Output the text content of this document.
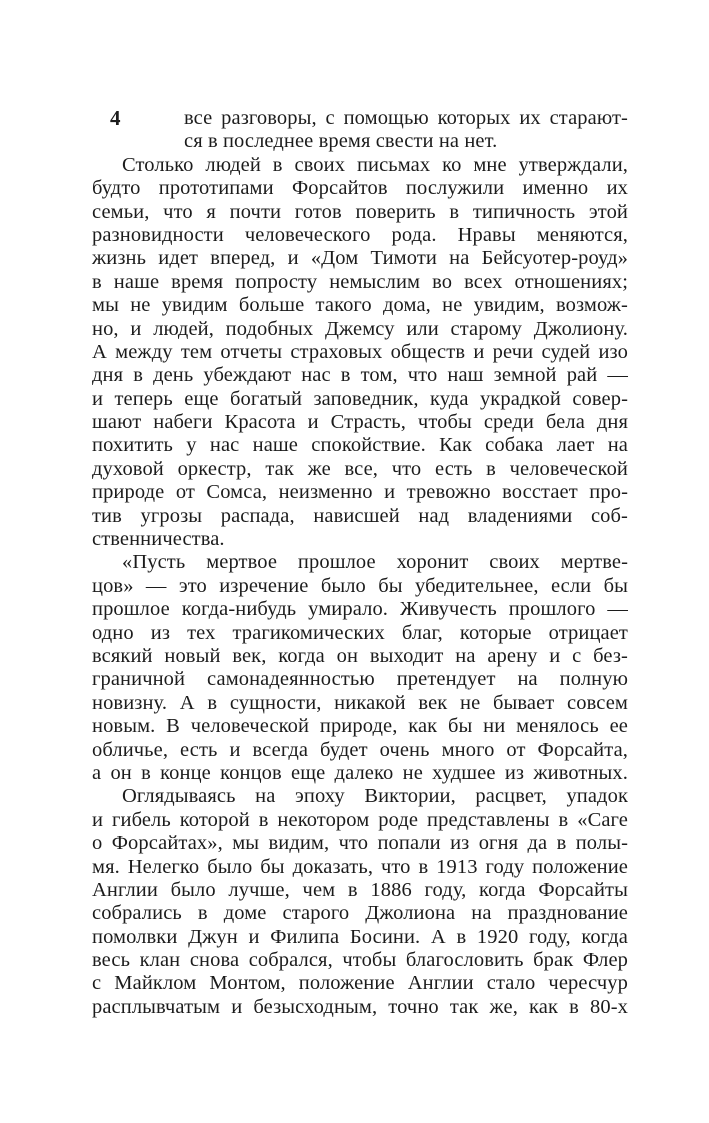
4	все разговоры, с помощью которых их старают-
ся в последнее время свести на нет.
Столько людей в своих письмах ко мне утверждали,
будто прототипами Форсайтов послужили именно их
семьи, что я почти готов поверить в типичность этой
разновидности человеческого рода. Нравы меняются,
жизнь идет вперед, и «Дом Тимоти на Бейсуотер-роуд»
в наше время попросту немыслим во всех отношениях;
мы не увидим больше такого дома, не увидим, возмож-
но, и людей, подобных Джемсу или старому Джолиону.
А между тем отчеты страховых обществ и речи судей изо
дня в день убеждают нас в том, что наш земной рай —
и теперь еще богатый заповедник, куда украдкой совер-
шают набеги Красота и Страсть, чтобы среди бела дня
похитить у нас наше спокойствие. Как собака лает на
духовой оркестр, так же все, что есть в человеческой
природе от Сомса, неизменно и тревожно восстает про-
тив угрозы распада, нависшей над владениями соб-
ственничества.
«Пусть мертвое прошлое хоронит своих мертве-
цов» — это изречение было бы убедительнее, если бы
прошлое когда-нибудь умирало. Живучесть прошлого —
одно из тех трагикомических благ, которые отрицает
всякий новый век, когда он выходит на арену и с без-
граничной самонадеянностью претендует на полную
новизну. А в сущности, никакой век не бывает совсем
новым. В человеческой природе, как бы ни менялось ее
обличье, есть и всегда будет очень много от Форсайта,
а он в конце концов еще далеко не худшее из животных.
Оглядываясь на эпоху Виктории, расцвет, упадок
и гибель которой в некотором роде представлены в «Саге
о Форсайтах», мы видим, что попали из огня да в полы-
мя. Нелегко было бы доказать, что в 1913 году положение
Англии было лучше, чем в 1886 году, когда Форсайты
собрались в доме старого Джолиона на празднование
помолвки Джун и Филипа Босини. А в 1920 году, когда
весь клан снова собрался, чтобы благословить брак Флер
с Майклом Монтом, положение Англии стало чересчур
расплывчатым и безысходным, точно так же, как в 80-х
